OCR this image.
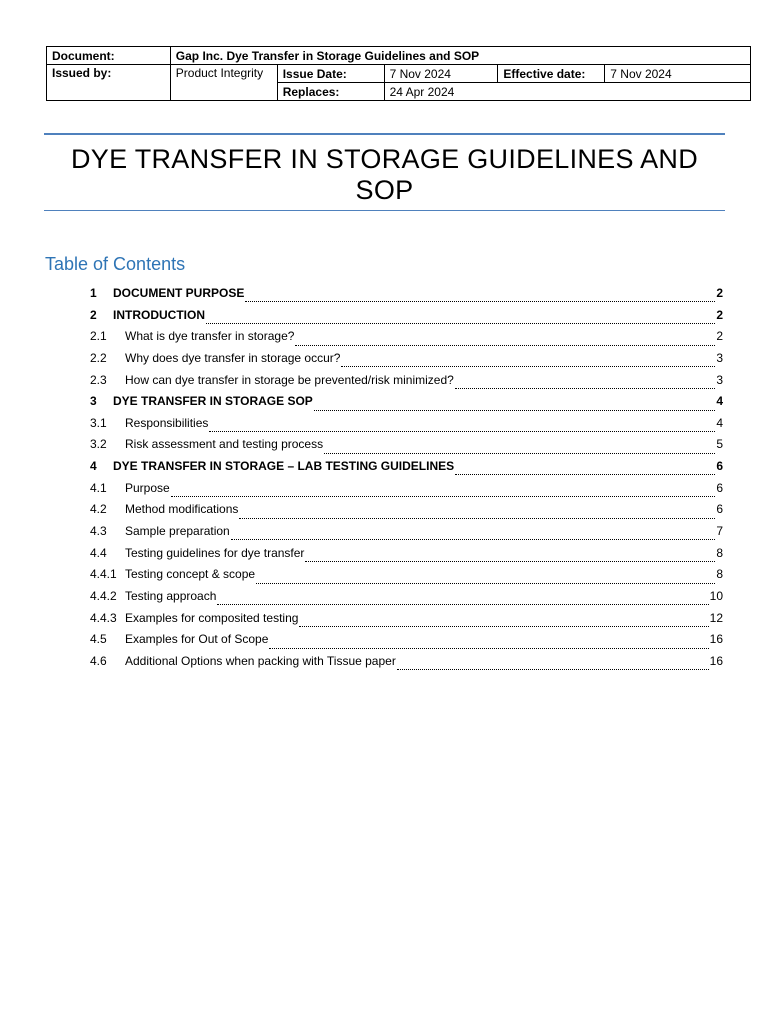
Document:	Gap Inc. Dye Transfer in Storage Guidelines and SOP				
Issued by:	Product Integrity	Issue Date:	7 Nov 2024	Effective date:	7 Nov 2024
		Replaces:	24 Apr 2024		
DYE TRANSFER IN STORAGE GUIDELINES AND SOP
Table of Contents
1	DOCUMENT PURPOSE	2
2	INTRODUCTION	2
2.1	What is dye transfer in storage?	2
2.2	Why does dye transfer in storage occur?	3
2.3	How can dye transfer in storage be prevented/risk minimized?	3
3	DYE TRANSFER IN STORAGE SOP	4
3.1	Responsibilities	4
3.2	Risk assessment and testing process	5
4	DYE TRANSFER IN STORAGE – LAB TESTING GUIDELINES	6
4.1	Purpose	6
4.2	Method modifications	6
4.3	Sample preparation	7
4.4	Testing guidelines for dye transfer	8
4.4.1 Testing concept & scope	8
4.4.2 Testing approach	10
4.4.3 Examples for composited testing	12
4.5	Examples for Out of Scope	16
4.6	Additional Options when packing with Tissue paper	16
